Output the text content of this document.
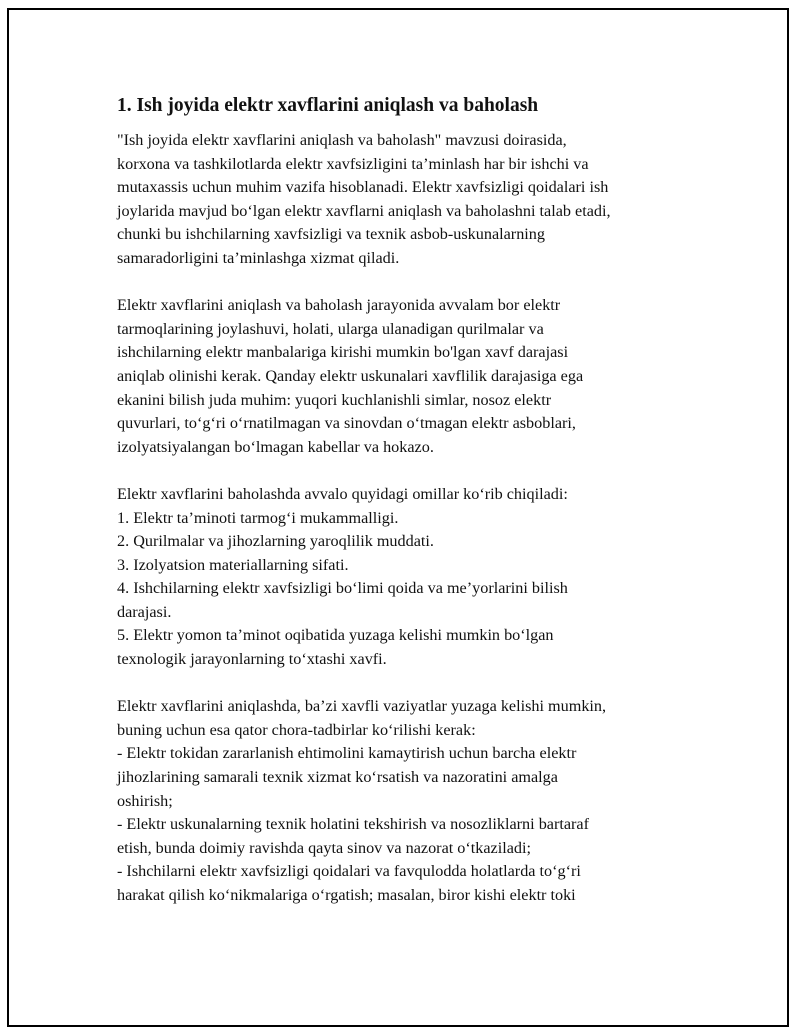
1. Ish joyida elektr xavflarini aniqlash va baholash

"Ish joyida elektr xavflarini aniqlash va baholash" mavzusi doirasida,
korxona va tashkilotlarda elektr xavfsizligini ta’minlash har bir ishchi va
mutaxassis uchun muhim vazifa hisoblanadi. Elektr xavfsizligi qoidalari ish
joylarida mavjud bo‘lgan elektr xavflarni aniqlash va baholashni talab etadi,
chunki bu ishchilarning xavfsizligi va texnik asbob-uskunalarning
samaradorligini ta’minlashga xizmat qiladi.

Elektr xavflarini aniqlash va baholash jarayonida avvalam bor elektr
tarmoqlarining joylashuvi, holati, ularga ulanadigan qurilmalar va
ishchilarning elektr manbalariga kirishi mumkin bo'lgan xavf darajasi
aniqlab olinishi kerak. Qanday elektr uskunalari xavflilik darajasiga ega
ekanini bilish juda muhim: yuqori kuchlanishli simlar, nosoz elektr
quvurlari, to‘g‘ri o‘rnatilmagan va sinovdan o‘tmagan elektr asboblari,
izolyatsiyalangan bo‘lmagan kabellar va hokazo.

Elektr xavflarini baholashda avvalo quyidagi omillar ko‘rib chiqiladi:
1. Elektr ta’minoti tarmog‘i mukammalligi.
2. Qurilmalar va jihozlarning yaroqlilik muddati.
3. Izolyatsion materiallarning sifati.
4. Ishchilarning elektr xavfsizligi bo‘limi qoida va me’yorlarini bilish
darajasi.
5. Elektr yomon ta’minot oqibatida yuzaga kelishi mumkin bo‘lgan
texnologik jarayonlarning to‘xtashi xavfi.

Elektr xavflarini aniqlashda, ba’zi xavfli vaziyatlar yuzaga kelishi mumkin,
buning uchun esa qator chora-tadbirlar ko‘rilishi kerak:
- Elektr tokidan zararlanish ehtimolini kamaytirish uchun barcha elektr
jihozlarining samarali texnik xizmat ko‘rsatish va nazoratini amalga
oshirish;
- Elektr uskunalarning texnik holatini tekshirish va nosozliklarni bartaraf
etish, bunda doimiy ravishda qayta sinov va nazorat o‘tkaziladi;
- Ishchilarni elektr xavfsizligi qoidalari va favqulodda holatlarda to‘g‘ri
harakat qilish ko‘nikmalariga o‘rgatish; masalan, biror kishi elektr toki
